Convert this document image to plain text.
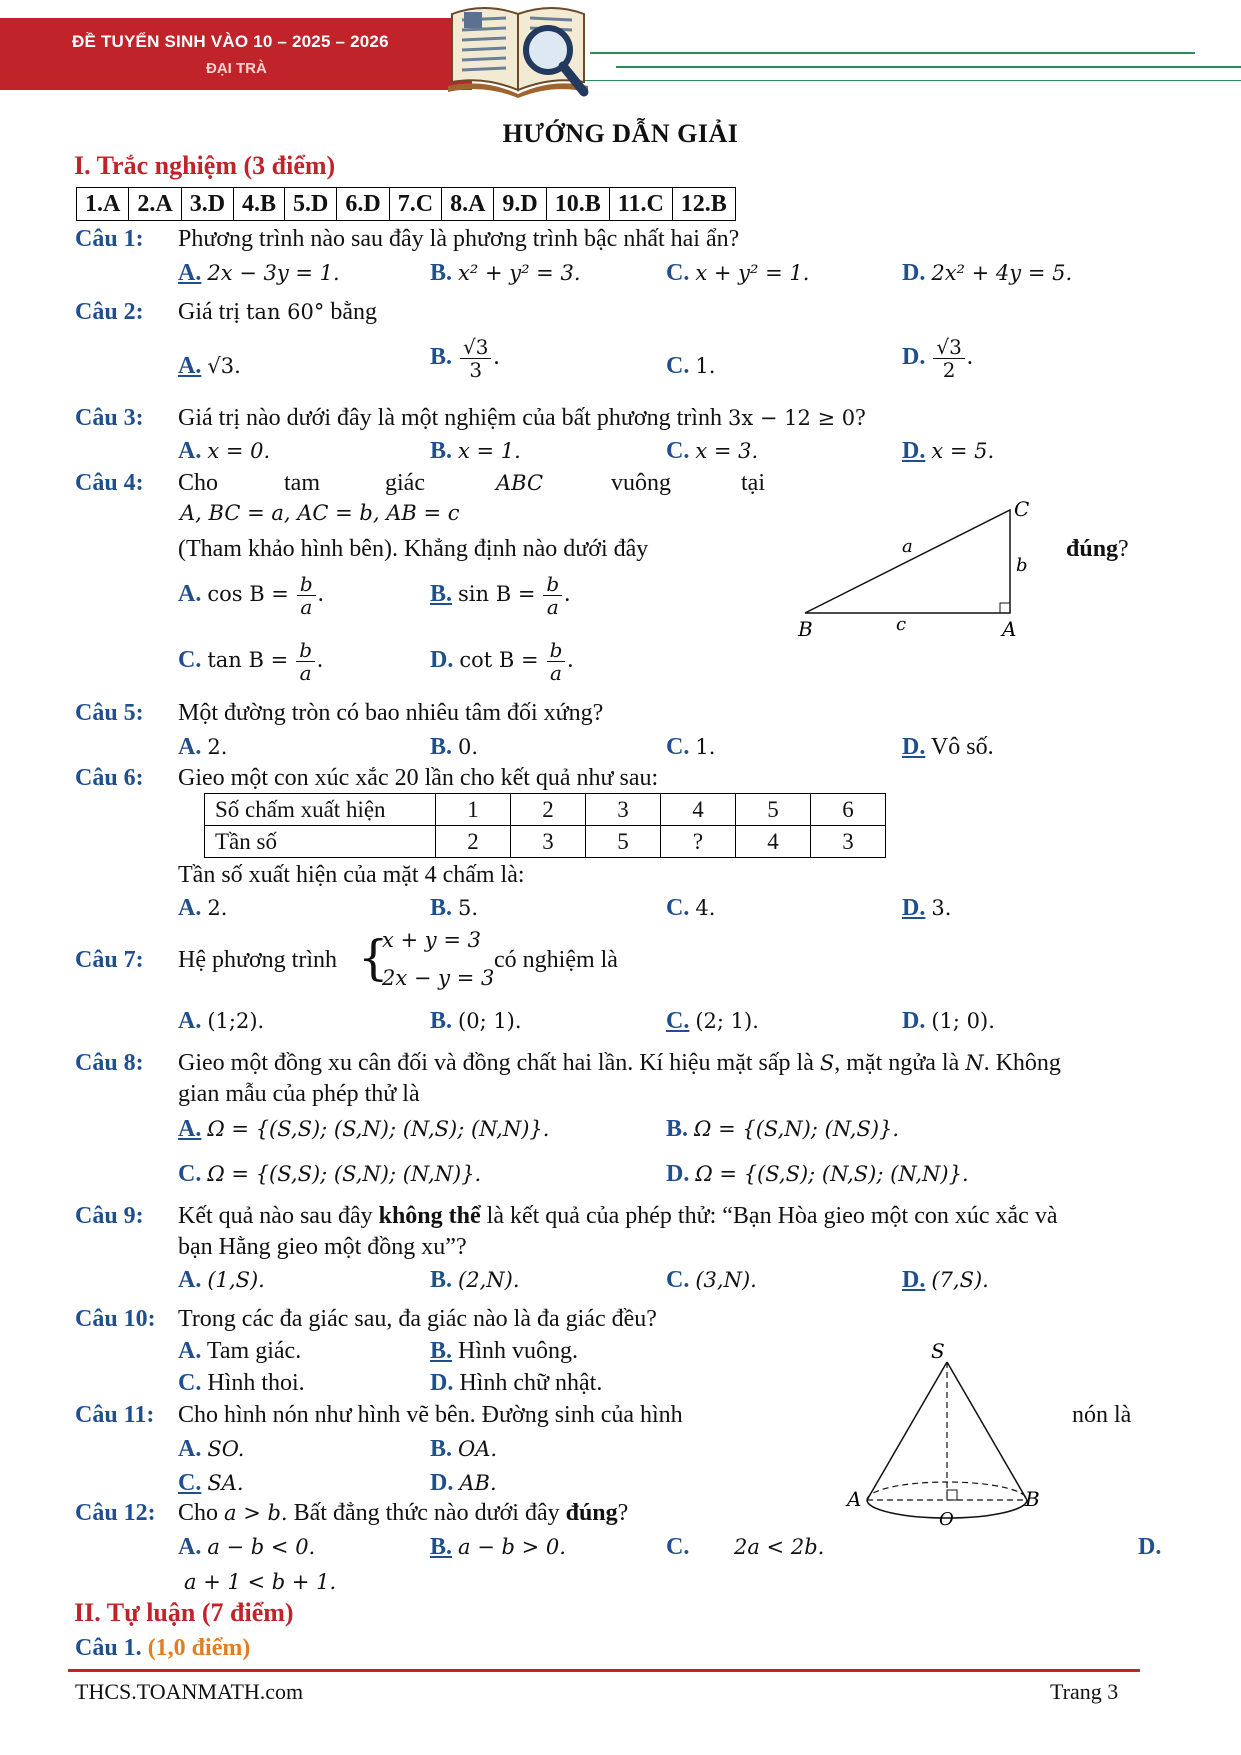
ĐỀ TUYỂN SINH VÀO 10 – 2025 – 2026
ĐẠI TRÀ
HƯỚNG DẪN GIẢI
I. Trắc nghiệm (3 điểm)
1.A	2.A	3.D	4.B	5.D	6.D	7.C	8.A	9.D	10.B	11.C	12.B
Câu 1: Phương trình nào sau đây là phương trình bậc nhất hai ẩn?
A. 2x − 3y = 1.	B. x² + y² = 3.	C. x + y² = 1.	D. 2x² + 4y = 5.
Câu 2: Giá trị tan 60° bằng
A. √3.	B. $\frac{√3}{3}$ .	C. 1.	D. $\frac{√3}{2}$ .
Câu 3: Giá trị nào dưới đây là một nghiệm của bất phương trình 3x − 12 ≥ 0?
A. x = 0.	B. x = 1.	C. x = 3.	D. x = 5.
Câu 4: Cho	tam	giác	ABC	vuông	tại
A, BC = a, AC = b, AB = c
(Tham khảo hình bên). Khẳng định nào dưới đây	đúng?
A. $\cos B = \frac{b}{a}$ .	B. $\sin B = \frac{b}{a}$ .
C. $\tan B = \frac{b}{a}$ .	D. $\cot B = \frac{b}{a}$ .
C
a
b
B	c	A
Câu 5: Một đường tròn có bao nhiêu tâm đối xứng?
A. 2.	B. 0.	C. 1.	D. Vô số.
Câu 6: Gieo một con xúc xắc 20 lần cho kết quả như sau:
Số chấm xuất hiện	1	2	3	4	5	6
Tần số	2	3	5	?	4	3
Tần số xuất hiện của mặt 4 chấm là:
A. 2.	B. 5.	C. 4.	D. 3.
Câu 7: Hệ phương trình {
x + y = 3
2x − y = 3
có nghiệm là
A. (1;2).	B. (0; 1).	C. (2; 1).	D. (1; 0).
Câu 8: Gieo một đồng xu cân đối và đồng chất hai lần. Kí hiệu mặt sấp là S, mặt ngửa là N. Không
gian mẫu của phép thử là
A. Ω = {(S,S); (S,N); (N,S); (N,N)}.	B. Ω = {(S,N); (N,S)}.
C. Ω = {(S,S); (S,N); (N,N)}.	D. Ω = {(S,S); (N,S); (N,N)}.
Câu 9: Kết quả nào sau đây không thể là kết quả của phép thử: “Bạn Hòa gieo một con xúc xắc và
bạn Hằng gieo một đồng xu”?
A. (1,S).	B. (2,N).	C. (3,N).	D. (7,S).
Câu 10: Trong các đa giác sau, đa giác nào là đa giác đều?
A. Tam giác.	B. Hình vuông.
C. Hình thoi.	D. Hình chữ nhật.
Câu 11: Cho hình nón như hình vẽ bên. Đường sinh của hình	nón là
A. SO.	B. OA.
C. SA.	D. AB.
S
A	B
O
Câu 12: Cho a > b. Bất đẳng thức nào dưới đây đúng?
A. a − b < 0.	B. a − b > 0.	C. 2a < 2b.	D.
a + 1 < b + 1.
II. Tự luận (7 điểm)
Câu 1. (1,0 điểm)
THCS.TOANMATH.com	Trang 3
